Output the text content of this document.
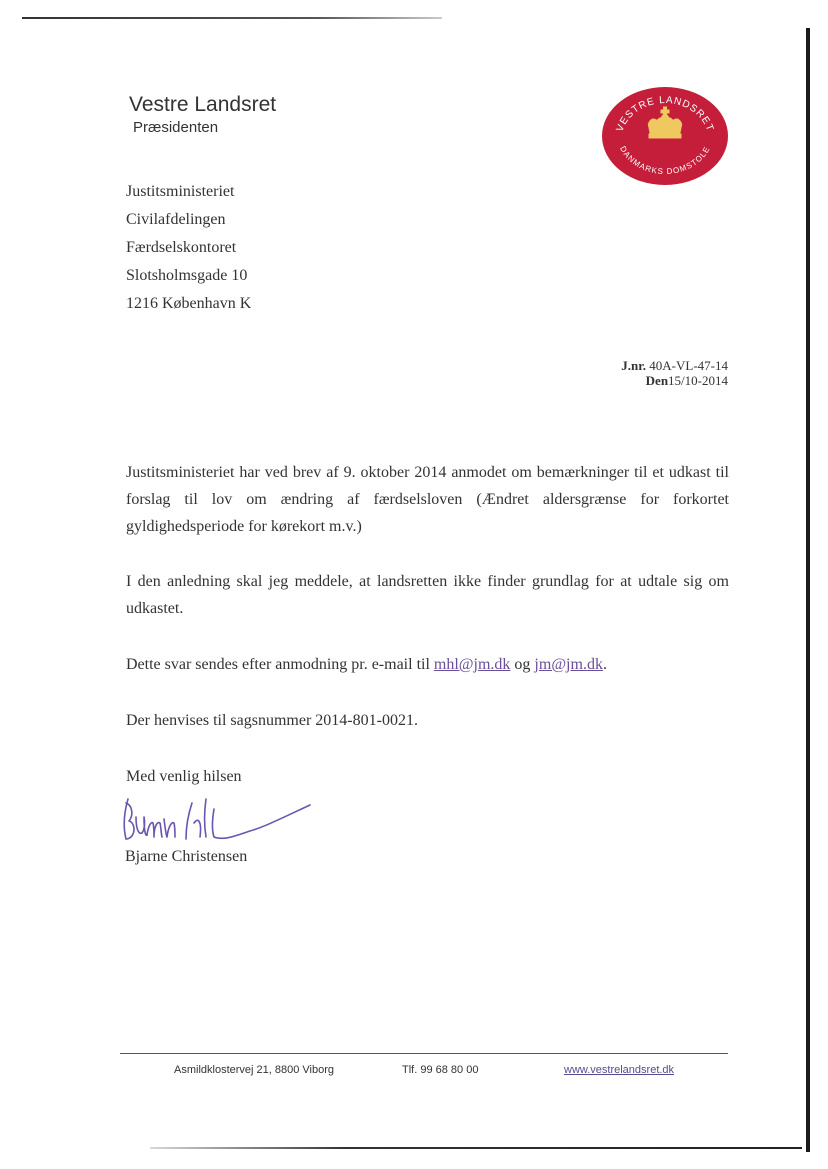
Vestre Landsret
Præsidenten	VESTRE LANDSRET
DANMARKS DOMSTOLE
Justitsministeriet
Civilafdelingen
Færdselskontoret
Slotsholmsgade 10
1216 København K
J.nr. 40A-VL-47-14
Den15/10-2014
Justitsministeriet har ved brev af 9. oktober 2014 anmodet om bemærkninger til et udkast til forslag til lov om ændring af færdselsloven (Ændret aldersgrænse for forkortet gyldighedsperiode for kørekort m.v.)
I den anledning skal jeg meddele, at landsretten ikke finder grundlag for at udtale sig om udkastet.
Dette svar sendes efter anmodning pr. e-mail til mhl@jm.dk og jm@jm.dk.
Der henvises til sagsnummer 2014-801-0021.
Med venlig hilsen
Bjarne Christensen
Asmildklostervej 21, 8800 Viborg	Tlf. 99 68 80 00	www.vestrelandsret.dk
